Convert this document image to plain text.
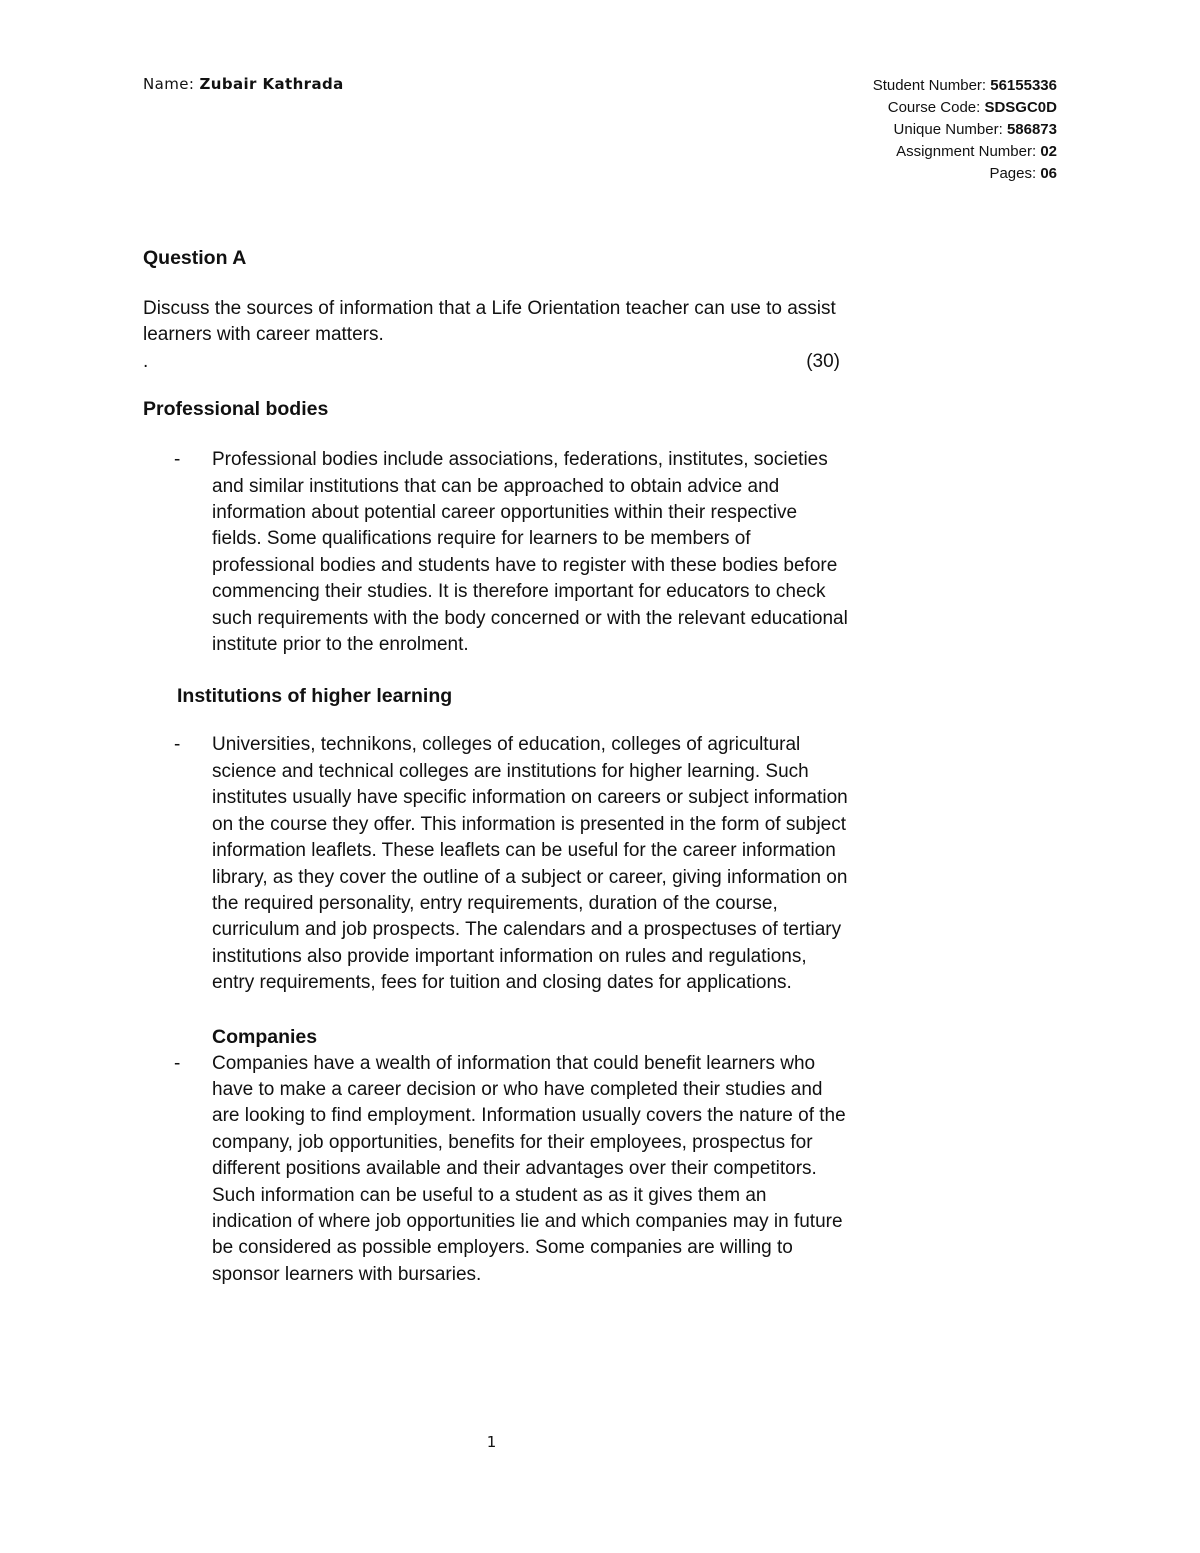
Name: Zubair Kathrada	Student Number: 56155336
Course Code: SDSGC0D
Unique Number: 586873
Assignment Number: 02
Pages: 06
Question A

Discuss the sources of information that a Life Orientation teacher can use to assist learners with career matters.

.	(30)
Professional bodies
- Professional bodies include associations, federations, institutes, societies and similar institutions that can be approached to obtain advice and information about potential career opportunities within their respective fields. Some qualifications require for learners to be members of professional bodies and students have to register with these bodies before commencing their studies. It is therefore important for educators to check such requirements with the body concerned or with the relevant educational institute prior to the enrolment.

Institutions of higher learning
- Universities, technikons, colleges of education, colleges of agricultural science and technical colleges are institutions for higher learning. Such institutes usually have specific information on careers or subject information on the course they offer. This information is presented in the form of subject information leaflets. These leaflets can be useful for the career information library, as they cover the outline of a subject or career, giving information on the required personality, entry requirements, duration of the course, curriculum and job prospects. The calendars and a prospectuses of tertiary institutions also provide important information on rules and regulations, entry requirements, fees for tuition and closing dates for applications.

Companies
- Companies have a wealth of information that could benefit learners who have to make a career decision or who have completed their studies and are looking to find employment. Information usually covers the nature of the company, job opportunities, benefits for their employees, prospectus for different positions available and their advantages over their competitors. Such information can be useful to a student as as it gives them an indication of where job opportunities lie and which companies may in future be considered as possible employers. Some companies are willing to sponsor learners with bursaries.

1
